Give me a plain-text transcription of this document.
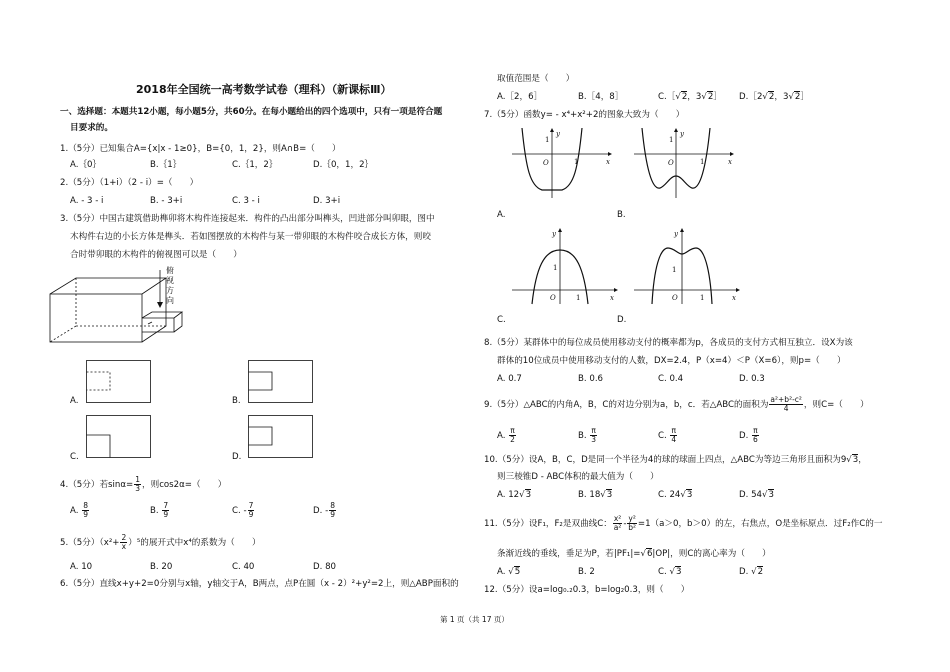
2018年全国统一高考数学试卷（理科）（新课标Ⅲ）
一、选择题：本题共12小题，每小题5分，共60分。在每小题给出的四个选项中，只有一项是符合题
目要求的。
1.（5分）已知集合A={x|x - 1≥0}，B={0，1，2}，则A∩B=（　　）
A.｛0｝	B.｛1｝	C.｛1，2｝	D.｛0，1，2｝
2.（5分）（1+i）（2 - i）=（　　）
A. - 3 - i	B. - 3+i	C. 3 - i	D. 3+i
3.（5分）中国古建筑借助榫卯将木构件连接起来．构件的凸出部分叫榫头，凹进部分叫卯眼，图中
木构件右边的小长方体是榫头．若如图摆放的木构件与某一带卯眼的木构件咬合成长方体，则咬
合时带卯眼的木构件的俯视图可以是（　　）
俯视方向
A.	B.
C.	D.
4.（5分）若$\sin\alpha= \frac{1}{3}$ ，则cos2α=（　　）
A. $\frac{8}{9}$	B. $\frac{7}{9}$	C. - $\frac{7}{9}$	D. - $\frac{8}{9}$
5.（5分）$(x^2+ \frac{2}{x} )^5$的展开式中x⁴的系数为（　　）
A. 10	B. 20	C. 40	D. 80
6.（5分）直线x+y+2=0分别与x轴，y轴交于A，B两点，点P在圆（x - 2）²+y²=2上，则△ABP面积的
取值范围是（　　）
A.［2，6］	B.［4，8］	C.［√2，3√2］ D.［2√2，3√2］
7.（5分）函数y= - x⁴+x²+2的图象大致为（　　）
y
O	1
1
x
A.
y
O	1
1
x
B.
y
O	1
1
x
C.
y
O	1
1
x
D.
8.（5分）某群体中的每位成员使用移动支付的概率都为p，各成员的支付方式相互独立．设X为该
群体的10位成员中使用移动支付的人数，DX=2.4，P（x=4）＜P（X=6），则p=（　　）
A. 0.7	B. 0.6	C. 0.4	D. 0.3
9.（5分）△ABC的内角A，B，C的对边分别为a，b，c．若△ABC的面积为 $\frac{\text{a²+b²-c²}}{4}$ ，则C=（　　）
A. $\frac{\pi}{2}$	B. $\frac{\pi}{3}$	C. $\frac{\pi}{4}$	D. $\frac{\pi}{6}$
10.（5分）设A，B，C，D是同一个半径为4的球的球面上四点，△ABC为等边三角形且面积为9√3，
则三棱锥D - ABC体积的最大值为（　　）
A. 12√3	B. 18√3	C. 24√3	D. 54√3
11.（5分）设F₁，F₂是双曲线C： $\frac{\text{x²}}{\text{a²}} - \frac{\text{y²}}{\text{b²}} =1(a>0$，b＞0）的左，右焦点，O是坐标原点．过F₂作C的一
条渐近线的垂线，垂足为P，若|PF₁|=√6|OP|，则C的离心率为（　　）
A. √5	B. 2	C. √3	D. √2
12.（5分）设a=log₀.₂0.3，b=log₂0.3，则（　　）
第 1 页（共 17 页）
